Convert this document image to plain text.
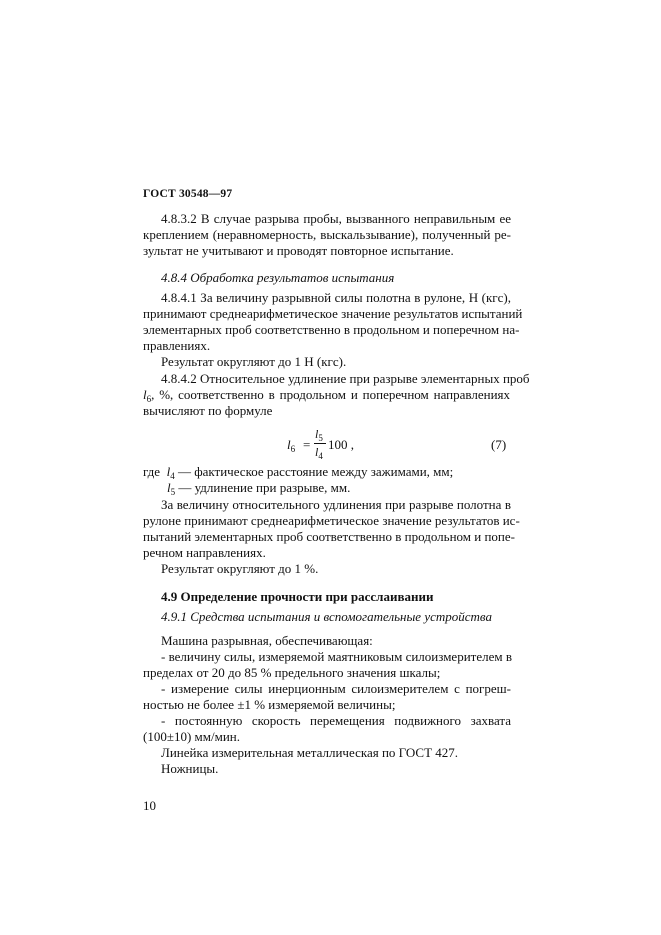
ГОСТ 30548—97
4.8.3.2 В случае разрыва пробы, вызванного неправильным ее
креплением (неравномерность, выскальзывание), полученный ре-
зультат не учитывают и проводят повторное испытание.
4.8.4 Обработка результатов испытания
4.8.4.1 За величину разрывной силы полотна в рулоне, Н (кгс),
принимают среднеарифметическое значение результатов испытаний
элементарных проб соответственно в продольном и поперечном на-
правлениях.
Результат округляют до 1 Н (кгс).
4.8.4.2 Относительное удлинение при разрыве элементарных проб
$l_6$, %, соответственно в продольном и поперечном направлениях
вычисляют по формуле
$l_6$ =
$l_5$
$l_4$
100 ,	(7)
где $l_4$ — фактическое расстояние между зажимами, мм;
$l_5$ — удлинение при разрыве, мм.
За величину относительного удлинения при разрыве полотна в
рулоне принимают среднеарифметическое значение результатов ис-
пытаний элементарных проб соответственно в продольном и попе-
речном направлениях.
Результат округляют до 1 %.
4.9 Определение прочности при расслаивании
4.9.1 Средства испытания и вспомогательные устройства
Машина разрывная, обеспечивающая:
- величину силы, измеряемой маятниковым силоизмерителем в
пределах от 20 до 85 % предельного значения шкалы;
- измерение силы инерционным силоизмерителем с погреш-
ностью не более ±1 % измеряемой величины;
- постоянную скорость перемещения подвижного захвата
(100±10) мм/мин.
Линейка измерительная металлическая по ГОСТ 427.
Ножницы.
10
